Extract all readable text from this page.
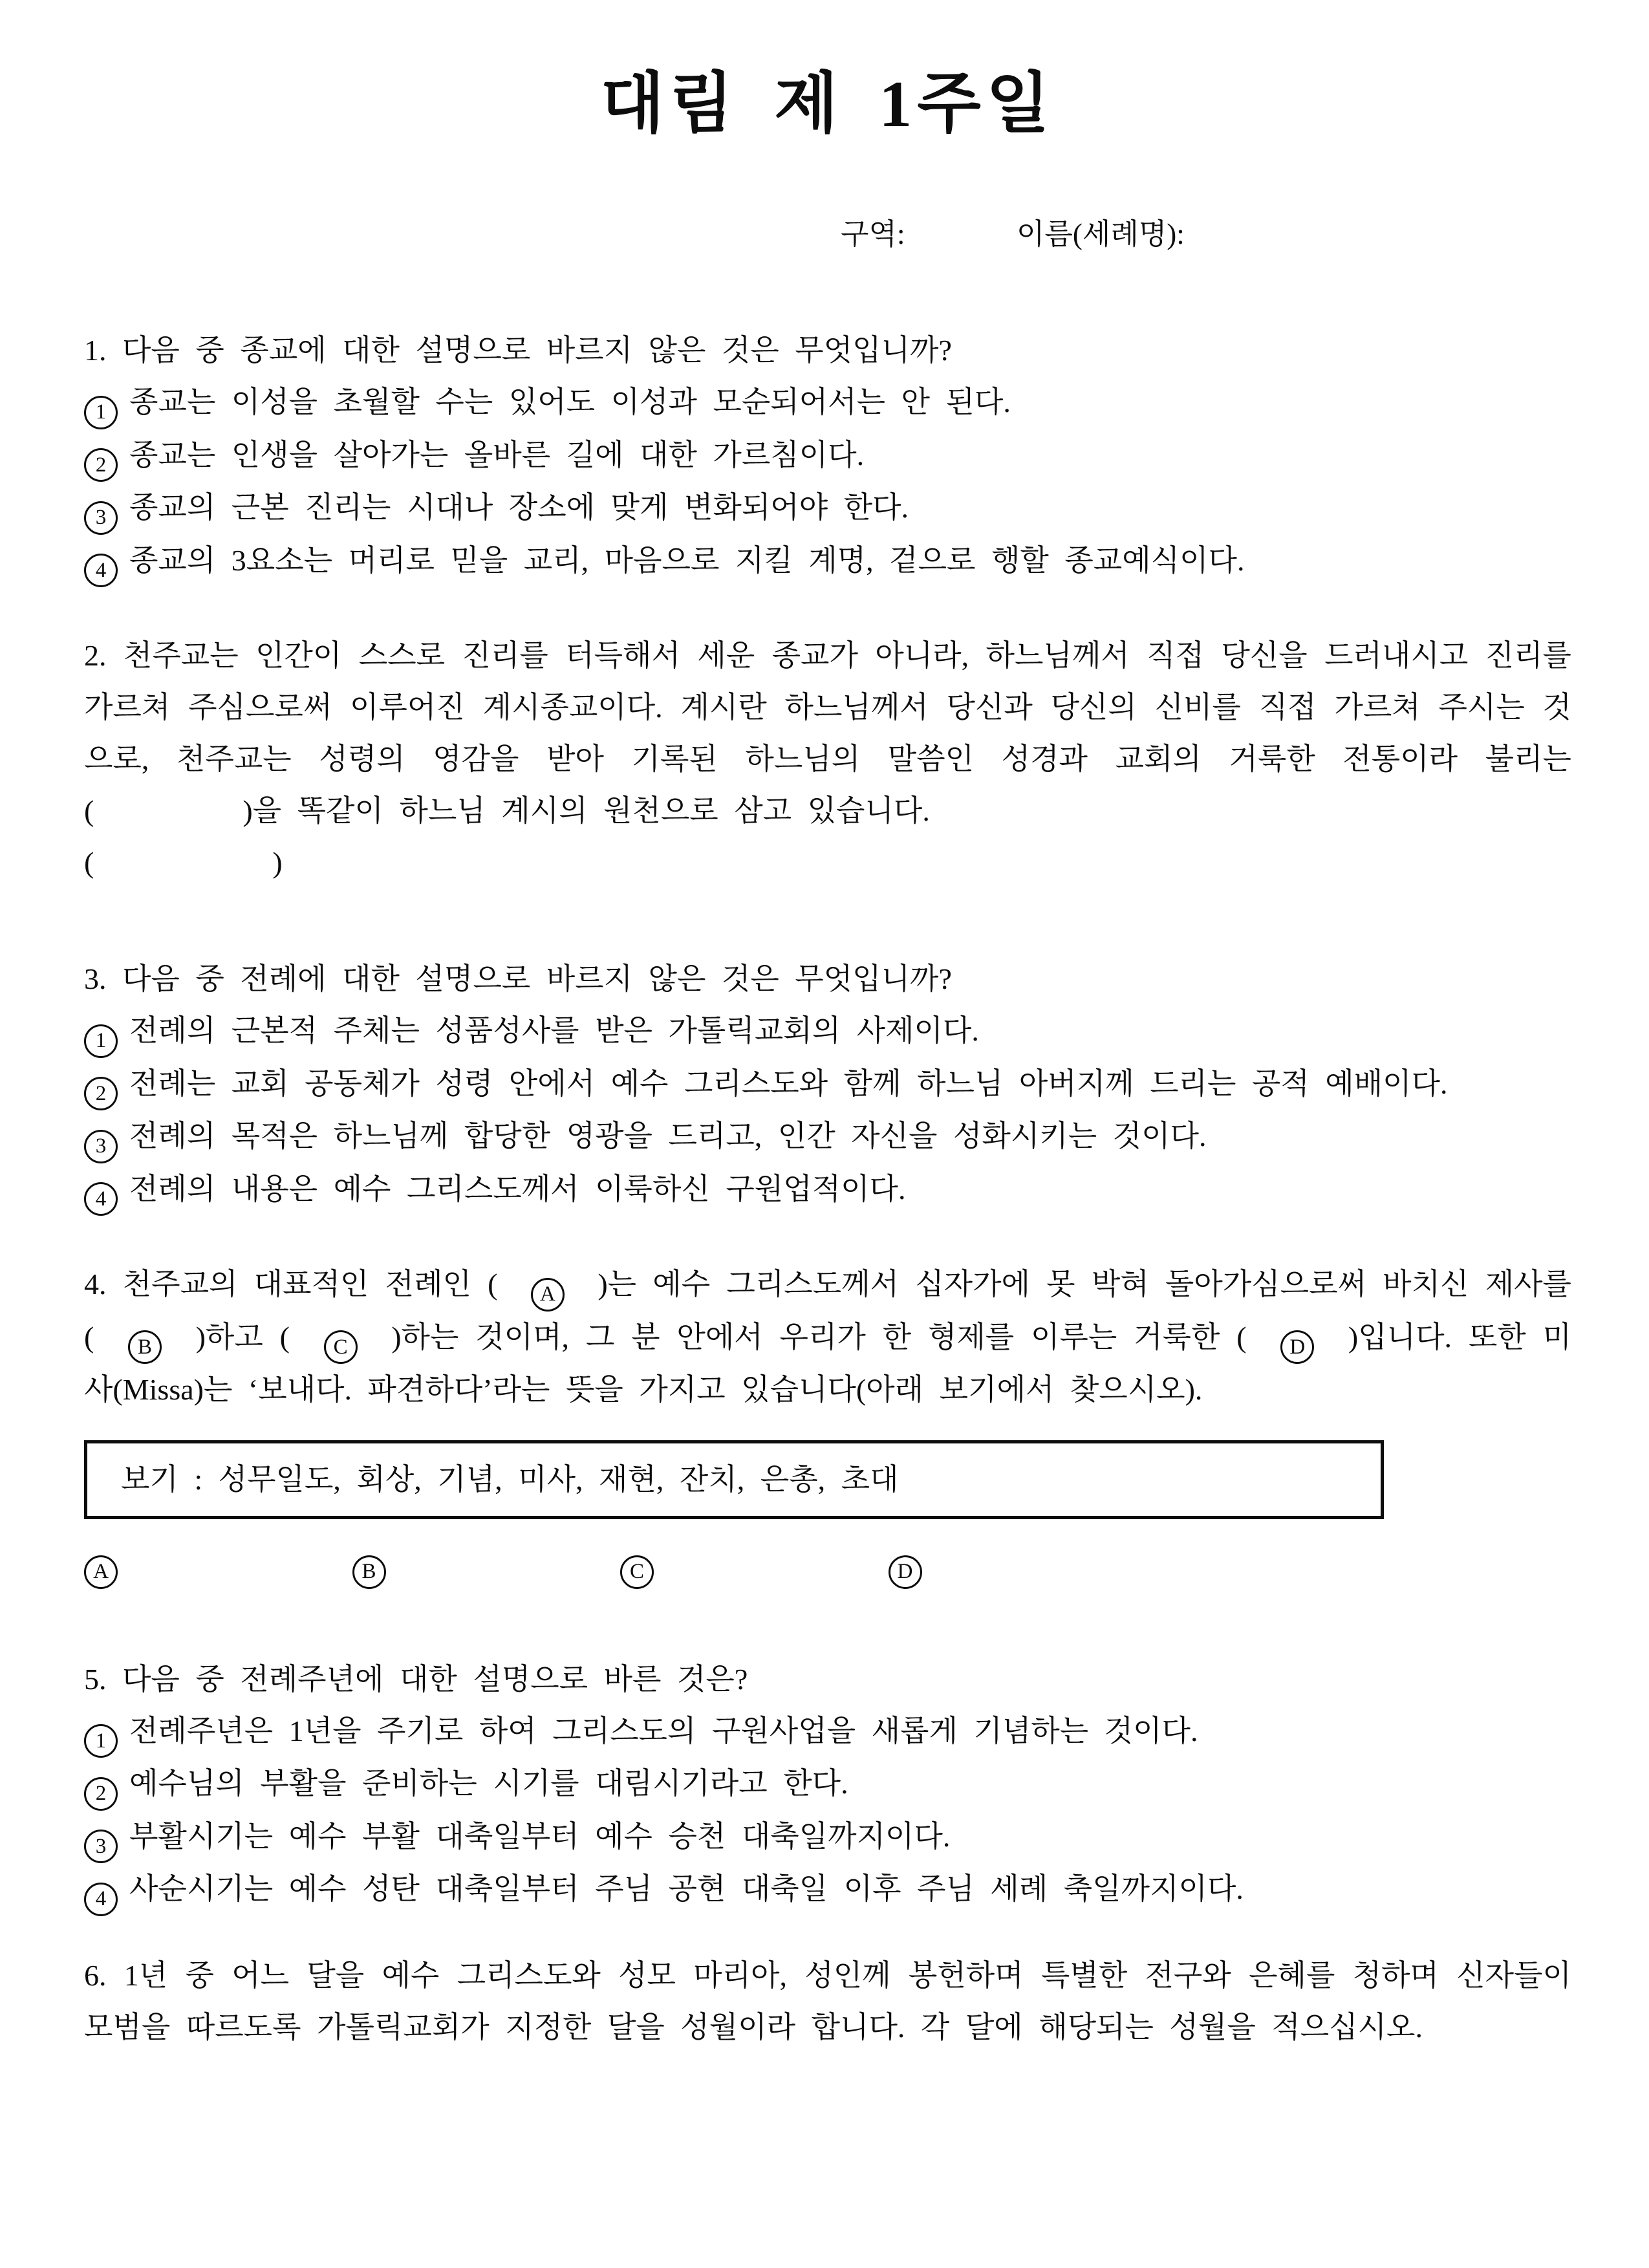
대림 제 1주일
구역:	이름(세례명):
1. 다음 중 종교에 대한 설명으로 바르지 않은 것은 무엇입니까?
1 종교는 이성을 초월할 수는 있어도 이성과 모순되어서는 안 된다.
2 종교는 인생을 살아가는 올바른 길에 대한 가르침이다.
3 종교의 근본 진리는 시대나 장소에 맞게 변화되어야 한다.
4 종교의 3요소는 머리로 믿을 교리, 마음으로 지킬 계명, 겉으로 행할 종교예식이다.
2. 천주교는 인간이 스스로 진리를 터득해서 세운 종교가 아니라, 하느님께서 직접 당신을 드러내시고 진리를 가르쳐 주심으로써 이루어진 계시종교이다. 계시란 하느님께서 당신과 당신의 신비를 직접 가르쳐 주시는 것으로, 천주교는 성령의 영감을 받아 기록된 하느님의 말씀인 성경과 교회의 거룩한 전통이라 불리는 (　　　　　)을 똑같이 하느님 계시의 원천으로 삼고 있습니다.
(　　　　　　)
3. 다음 중 전례에 대한 설명으로 바르지 않은 것은 무엇입니까?
1 전례의 근본적 주체는 성품성사를 받은 가톨릭교회의 사제이다.
2 전례는 교회 공동체가 성령 안에서 예수 그리스도와 함께 하느님 아버지께 드리는 공적 예배이다.
3 전례의 목적은 하느님께 합당한 영광을 드리고, 인간 자신을 성화시키는 것이다.
4 전례의 내용은 예수 그리스도께서 이룩하신 구원업적이다.
4. 천주교의 대표적인 전례인 (　A　)는 예수 그리스도께서 십자가에 못 박혀 돌아가심으로써 바치신 제사를 (　B　)하고 (　C　)하는 것이며, 그 분 안에서 우리가 한 형제를 이루는 거룩한 (　D　)입니다. 또한 미사(Missa)는 ‘보내다. 파견하다’라는 뜻을 가지고 있습니다(아래 보기에서 찾으시오).
보기 : 성무일도, 회상, 기념, 미사, 재현, 잔치, 은총, 초대
A	B	C	D
5. 다음 중 전례주년에 대한 설명으로 바른 것은?
1 전례주년은 1년을 주기로 하여 그리스도의 구원사업을 새롭게 기념하는 것이다.
2 예수님의 부활을 준비하는 시기를 대림시기라고 한다.
3 부활시기는 예수 부활 대축일부터 예수 승천 대축일까지이다.
4 사순시기는 예수 성탄 대축일부터 주님 공현 대축일 이후 주님 세례 축일까지이다.
6. 1년 중 어느 달을 예수 그리스도와 성모 마리아, 성인께 봉헌하며 특별한 전구와 은혜를 청하며 신자들이 모범을 따르도록 가톨릭교회가 지정한 달을 성월이라 합니다. 각 달에 해당되는 성월을 적으십시오.
